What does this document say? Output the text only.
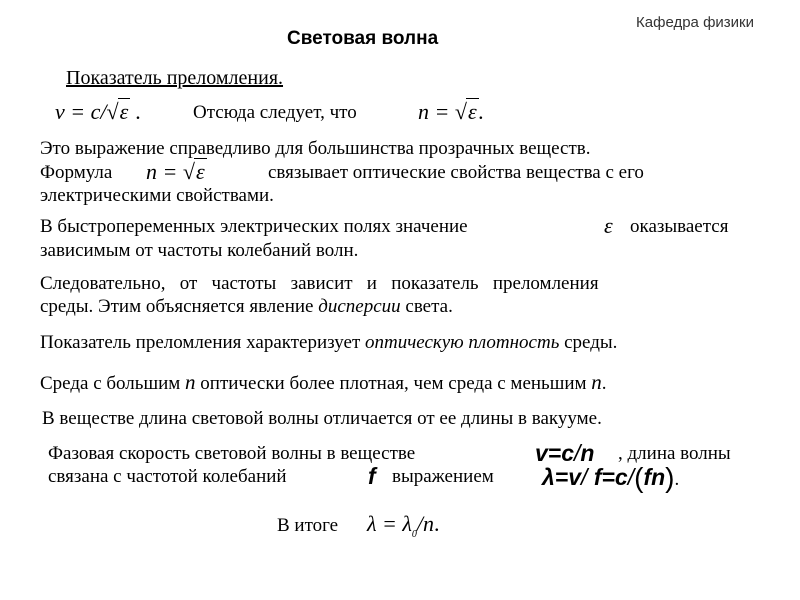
Кафедра физики
Световая волна
Показатель преломления.
v = c/√ε .	Отсюда следует, что	n = √ε.
Это выражение справедливо для большинства прозрачных веществ.
Формула n = √ε	связывает оптические свойства вещества с его
электрическими свойствами.
В быстропеременных электрических полях значение	ε оказывается
зависимым от частоты колебаний волн.
Следовательно,   от   частоты   зависит   и   показатель   преломления
среды. Этим объясняется явление дисперсии света.
Показатель преломления характеризует оптическую плотность среды.
Среда с большим n оптически более плотная, чем среда с меньшим n.
В веществе длина световой волны отличается от ее длины в вакууме.
Фазовая скорость световой волны в веществе	v=c/n , длина волны
связана с частотой колебаний	f выражением λ=v/ f=c/(fn).
В итоге $\lambda = \lambda_0/n$.
